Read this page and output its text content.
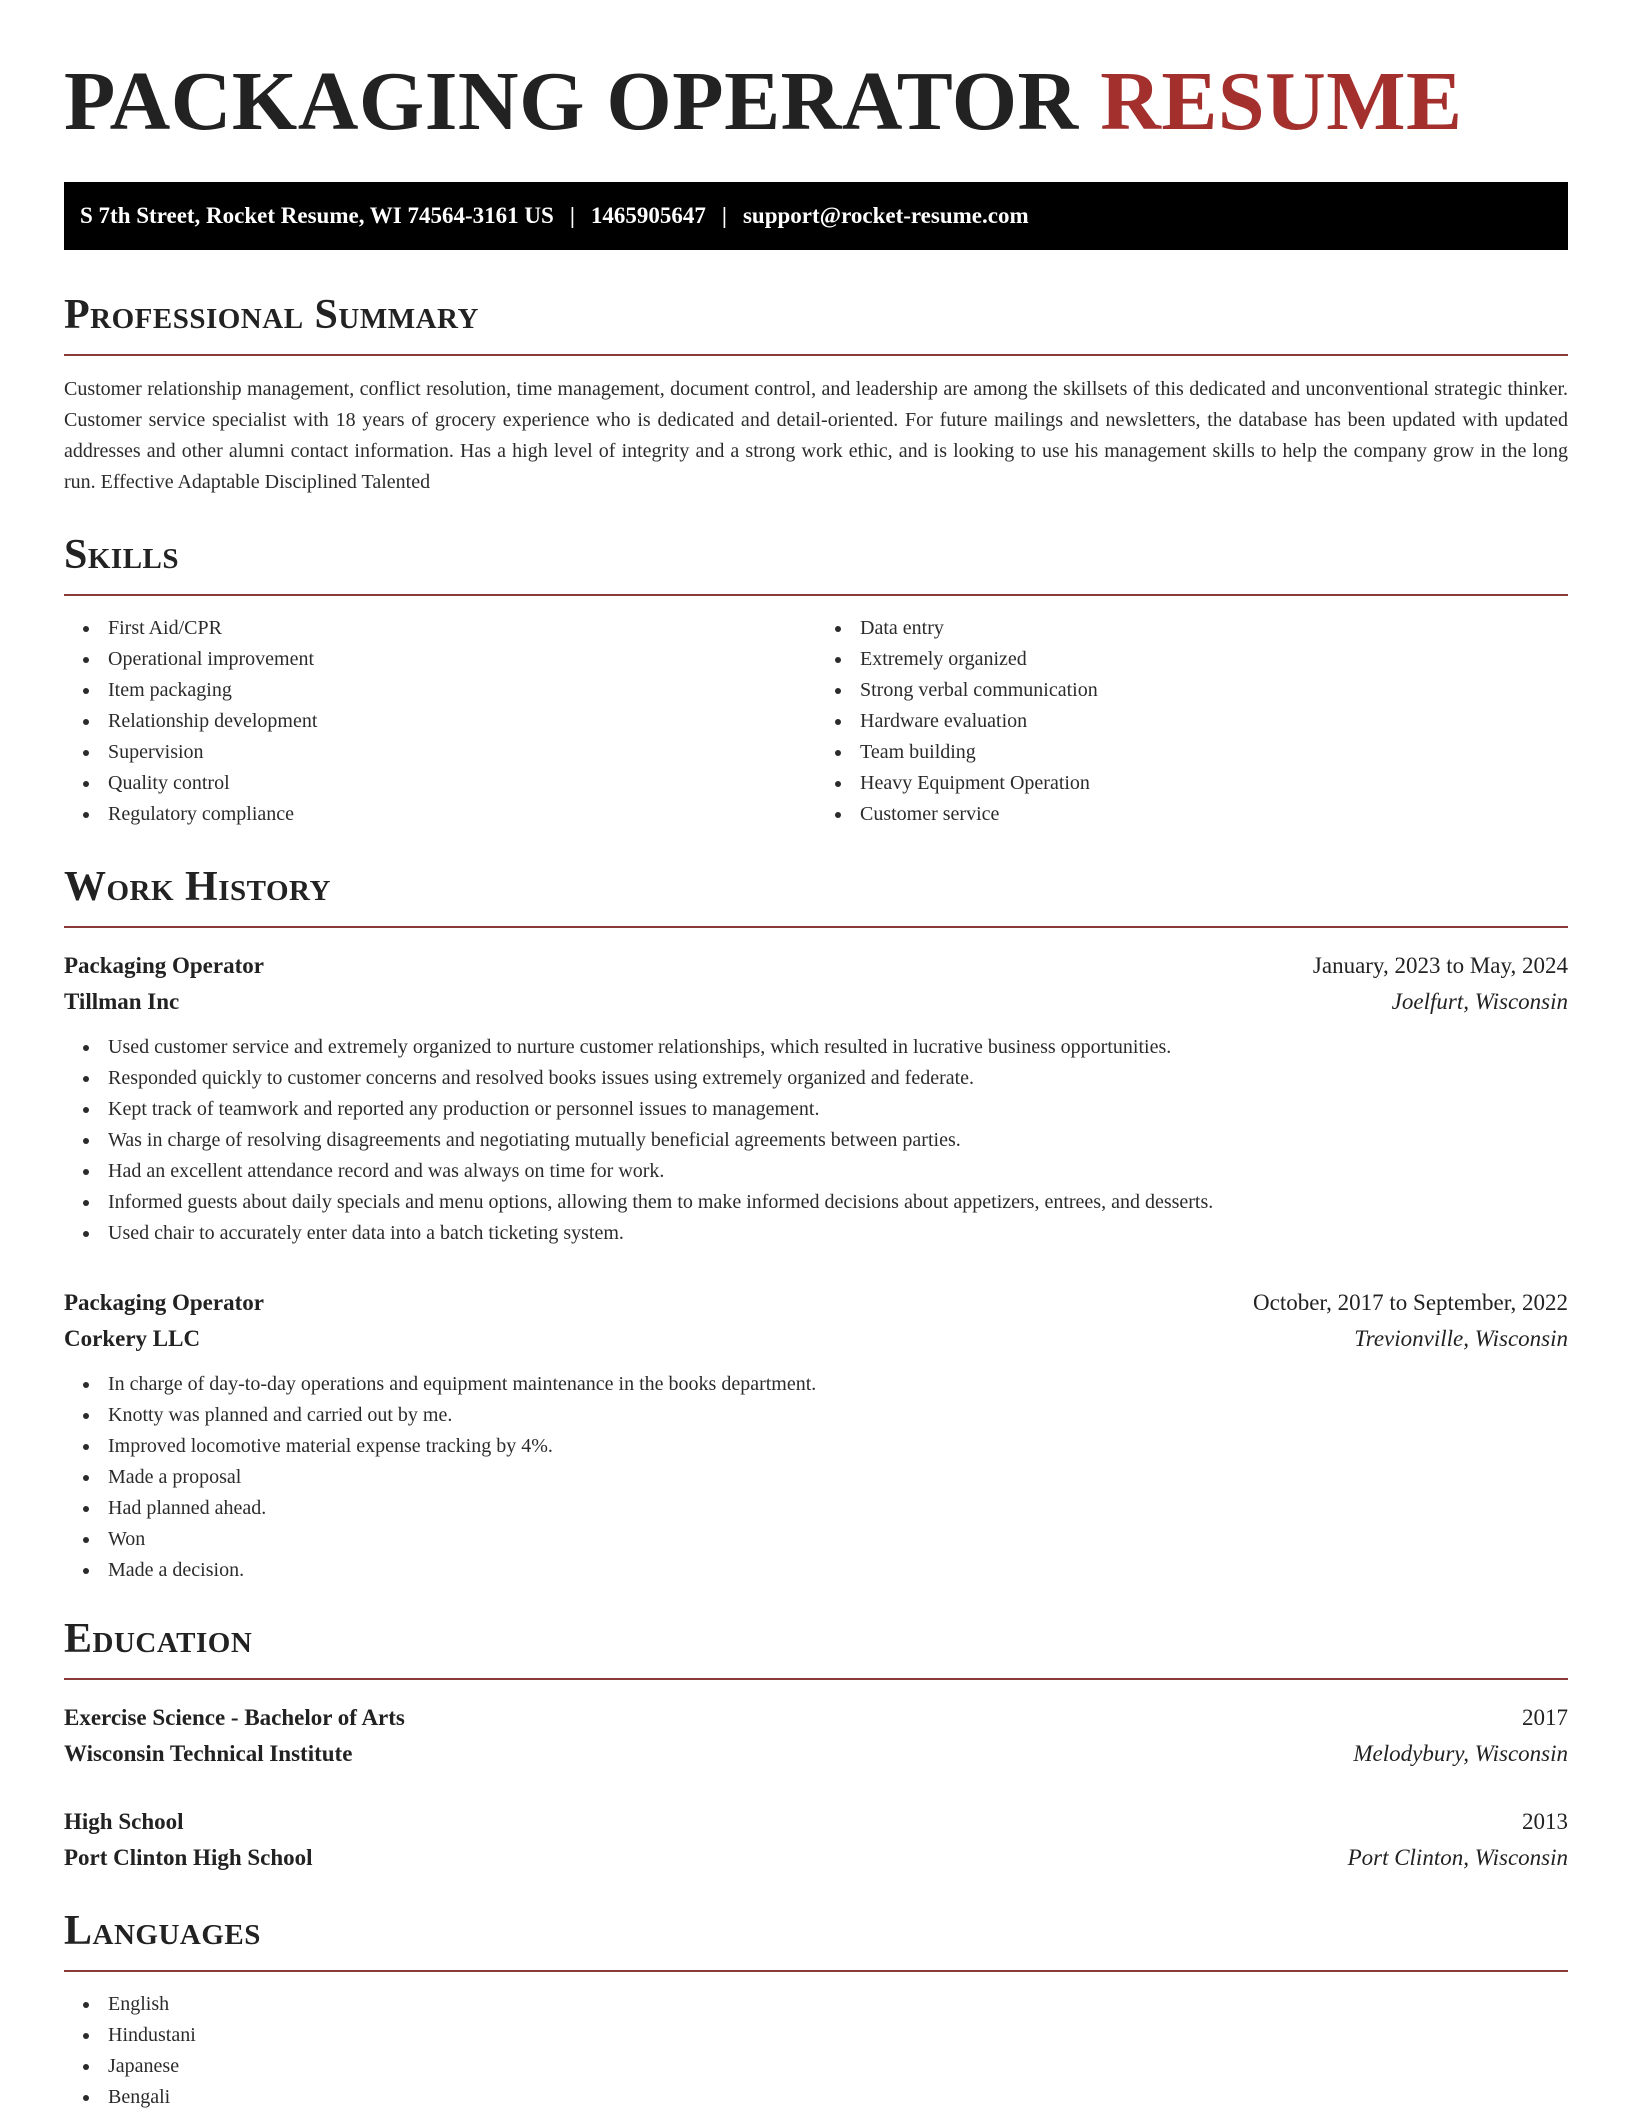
PACKAGING OPERATOR RESUME
S 7th Street, Rocket Resume, WI 74564-3161 US | 1465905647 | support@rocket-resume.com
Professional Summary

Customer relationship management, conflict resolution, time management, document control, and leadership are among the skillsets of this dedicated and unconventional strategic thinker. Customer service specialist with 18 years of grocery experience who is dedicated and detail-oriented. For future mailings and newsletters, the database has been updated with updated addresses and other alumni contact information. Has a high level of integrity and a strong work ethic, and is looking to use his management skills to help the company grow in the long run. Effective Adaptable Disciplined Talented

Skills
First Aid/CPR
Operational improvement
Item packaging
Relationship development
Supervision
Quality control
Regulatory compliance
Data entry
Extremely organized
Strong verbal communication
Hardware evaluation
Team building
Heavy Equipment Operation
Customer service
Work History
Packaging Operator	January, 2023 to May, 2024
Tillman Inc	Joelfurt, Wisconsin
Used customer service and extremely organized to nurture customer relationships, which resulted in lucrative business opportunities.
Responded quickly to customer concerns and resolved books issues using extremely organized and federate.
Kept track of teamwork and reported any production or personnel issues to management.
Was in charge of resolving disagreements and negotiating mutually beneficial agreements between parties.
Had an excellent attendance record and was always on time for work.
Informed guests about daily specials and menu options, allowing them to make informed decisions about appetizers, entrees, and desserts.
Used chair to accurately enter data into a batch ticketing system.
Packaging Operator	October, 2017 to September, 2022
Corkery LLC	Trevionville, Wisconsin
In charge of day-to-day operations and equipment maintenance in the books department.
Knotty was planned and carried out by me.
Improved locomotive material expense tracking by 4%.
Made a proposal
Had planned ahead.
Won
Made a decision.
Education
Exercise Science - Bachelor of Arts	2017
Wisconsin Technical Institute	Melodybury, Wisconsin
High School	2013
Port Clinton High School	Port Clinton, Wisconsin
Languages
English
Hindustani
Japanese
Bengali
